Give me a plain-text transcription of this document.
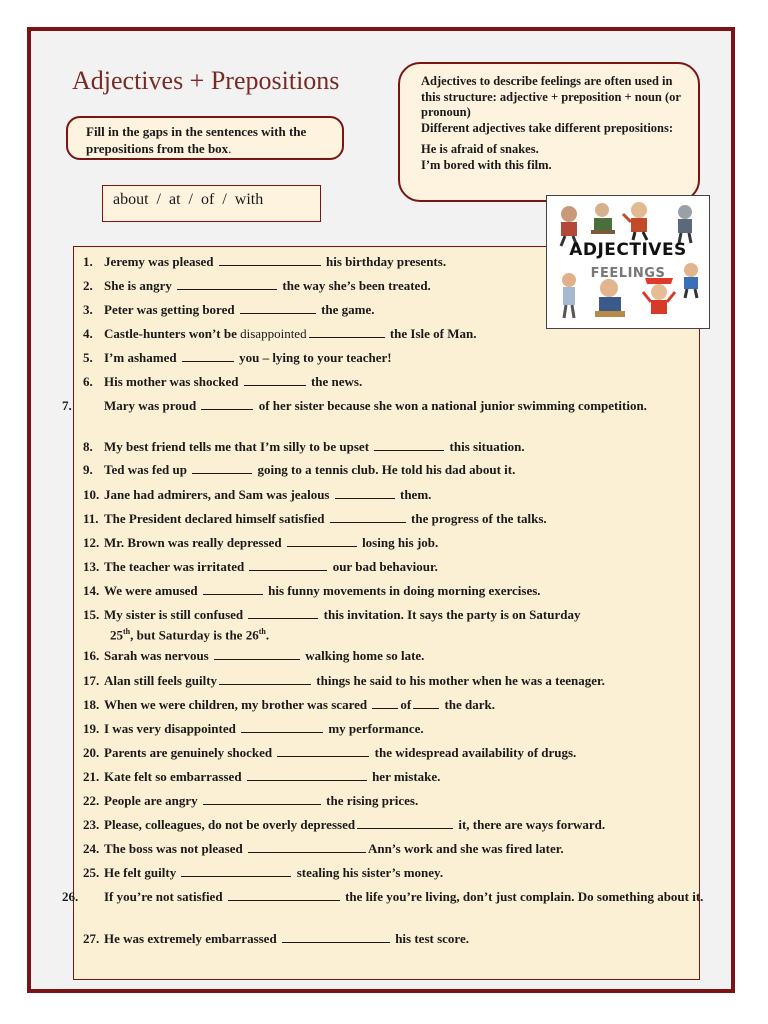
Adjectives + Prepositions
Fill in the gaps in the sentences with the prepositions from the box.
about  /  at  /  of  /  with

Adjectives to describe feelings are often used in this structure: adjective + preposition + noun (or pronoun)

Different adjectives take different prepositions:

He is afraid of snakes.

I’m bored with this film.

ADJECTIVES
FEELINGS
1. Jeremy was pleased	his birthday presents.
2. She is angry	the way she’s been treated.
3. Peter was getting bored	the game.
4. Castle-hunters won’t be disappointed	the Isle of Man.
5. I’m ashamed	you – lying to your teacher!
6. His mother was shocked	the news.
7. Mary was proud	of her sister because she won a national junior swimming competition.
8. My best friend tells me that I’m silly to be upset	this situation.
9. Ted was fed up	going to a tennis club. He told his dad about it.
10. Jane had admirers, and Sam was jealous	them.
11. The President declared himself satisfied	the progress of the talks.
12. Mr. Brown was really depressed	losing his job.
13. The teacher was irritated	our bad behaviour.
14. We were amused	his funny movements in doing morning exercises.
15. My sister is still confused	this invitation. It says the party is on Saturday
25th, but Saturday is the 26th.
16. Sarah was nervous	walking home so late.
17. Alan still feels guilty	things he said to his mother when he was a teenager.
18. When we were children, my brother was scared	of	the dark.
19. I was very disappointed	my performance.
20. Parents are genuinely shocked	the widespread availability of drugs.
21. Kate felt so embarrassed	her mistake.
22. People are angry	the rising prices.
23. Please, colleagues, do not be overly depressed	it, there are ways forward.
24. The boss was not pleased	Ann’s work and she was fired later.
25. He felt guilty	stealing his sister’s money.
26. If you’re not satisfied	the life you’re living, don’t just complain. Do something about it.
27. He was extremely embarrassed	his test score.
